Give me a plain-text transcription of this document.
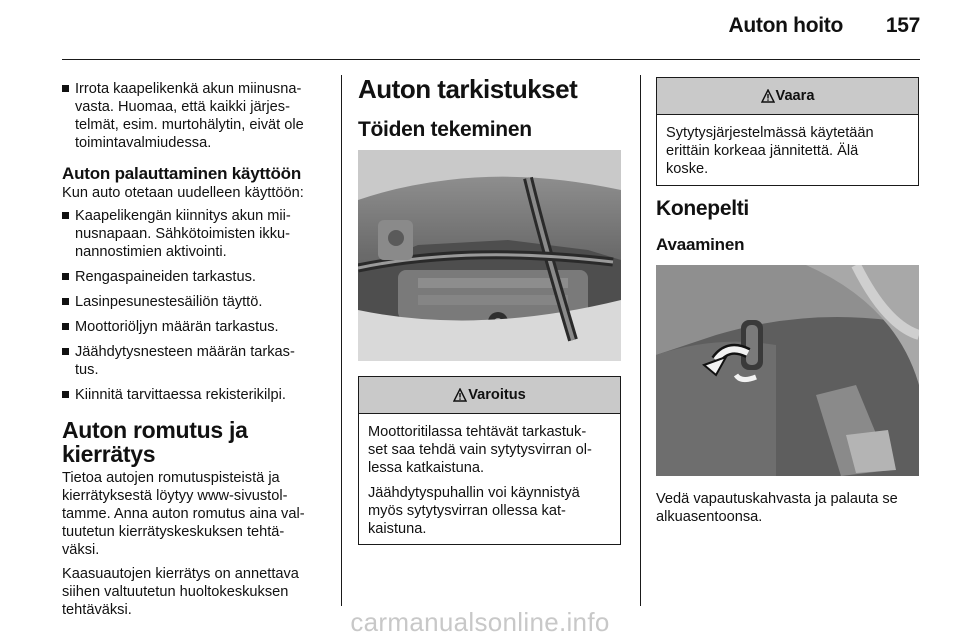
Auton hoito 157
Irrota kaapelikenkä akun miinusna-
vasta. Huomaa, että kaikki järjes-
telmät, esim. murtohälytin, eivät ole
toimintavalmiudessa.
Auton palauttaminen käyttöön
Kun auto otetaan uudelleen käyttöön:
Kaapelikengän kiinnitys akun mii-
nusnapaan. Sähkötoimisten ikku-
nannostimien aktivointi.
Rengaspaineiden tarkastus.
Lasinpesunestesäiliön täyttö.
Moottoriöljyn määrän tarkastus.
Jäähdytysnesteen määrän tarkas-
tus.
Kiinnitä tarvittaessa rekisterikilpi.
Auton romutus ja kierrätys
Tietoa autojen romutuspisteistä ja
kierrätyksestä löytyy www-sivustol-
tamme. Anna auton romutus aina val-
tuutetun kierrätyskeskuksen tehtä-
väksi.
Kaasuautojen kierrätys on annettava
siihen valtuutetun huoltokeskuksen
tehtäväksi.
Auton tarkistukset
Töiden tekeminen
Varoitus

Moottoritilassa tehtävät tarkastuk-
set saa tehdä vain sytytysvirran ol-
lessa katkaistuna.

Jäähdytyspuhallin voi käynnistyä
myös sytytysvirran ollessa kat-
kaistuna.

Vaara
Sytytysjärjestelmässä käytetään
erittäin korkeaa jännitettä. Älä
koske.
Konepelti
Avaaminen
Vedä vapautuskahvasta ja palauta se
alkuasentoonsa.
carmanualsonline.info
